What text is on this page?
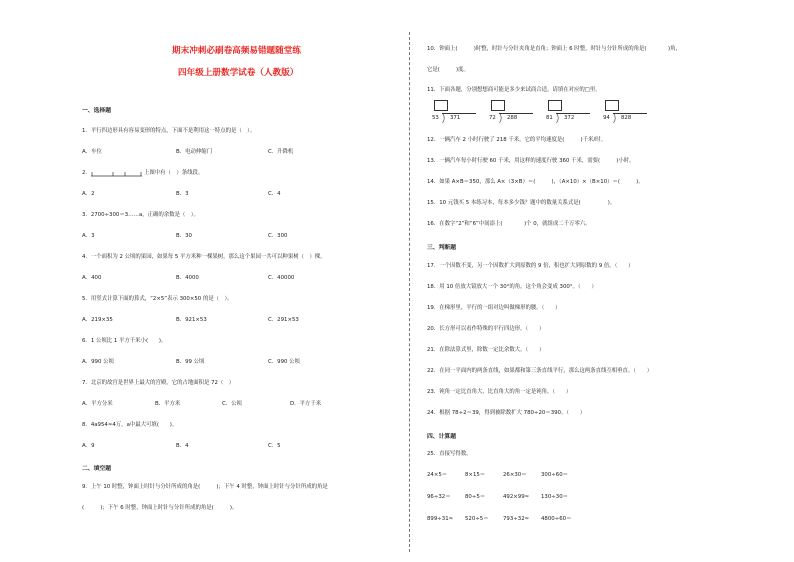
期末冲刺必刷卷高频易错题随堂练
四年级上册数学试卷（人教版）
一、选择题
1．平行四边形具有容易变形的特点，下面不是利用这一特点的是（　）。
A．车位	B．电动伸缩门	C．升降机
2．	上图中有（　）条线段。
A．2	B．3	C．4
3．2700÷300＝3……a，正确的余数是（　）。
A．3	B．30	C．300
4．一个面积为 2 公顷的果园，如果每 5 平方米种一棵果树，那么这个果园一共可以种果树（　）棵。
A．400	B．4000	C．40000
5．用竖式计算下面的算式，“2×5”表示 300×50 的是（　）。
A．219×35	B．921×53	C．291×53
6．1 公顷比 1 平方千米小(　　)。
A．990 公顷	B．99 公顷	C．990 公顷
7．北京的故宫是世界上最大的宫殿，它的占地面积是 72（　）
A．平方分米	B．平方米	C．公顷	D．平方千米
8．4a954≈4万，a中最大可填(　　)。
A．9	B．4	C．5
二、填空题
9．上午 10 时整，钟面上时针与分针所成的角是(　　　)；下午 4 时整，钟面上时针与分针所成的角是
(　　　)；下午 6 时整，钟面上时针与分针所成的角是(　　　)。
10．钟面上(　　　)时整，时针与分针夹角是直角；钟面上 6 时整，时针与分针所成的角是(　　　　)角，
它是(　　　)度。
11．下面各题，分别想想商可能是多少来试商合适，请填在对应的□里。
53 371	72 288	81 372	94 828
12．一辆汽车 2 小时行驶了 218 千米，它的平均速度是(　　　)千米/时。
13．一辆汽车每小时行驶 60 千米，用这样的速度行驶 360 千米，需要(　　　)小时。
14．如果 A×B＝350，那么 A×（3×B）＝(　　　)，（A×10）×（B×10）＝(　　　)。
15．10 元钱买 5 本练习本，每本多少钱？题中的数量关系式是(　　　　　)。
16．在数字“2”和“6”中间添上(　　　　)个 0，就组成二千万零六。
三、判断题
17．一个因数不变，另一个因数扩大到原数的 9 倍，积也扩大到原数的 9 倍。（　　）
18．用 10 倍放大镜放大一个 30°的角，这个角会变成 300°。（　　）
19．在梯形里，平行的一组对边叫做梯形的腰。（　　）
20．长方形可以看作特殊的平行四边形。（　　）
21．在除法算式里，除数一定比余数大。（　　）
22．在同一平面内的两条直线，如果都和第三条直线平行，那么这两条直线互相垂直。（　　）
23．钝角一定比直角大，比直角大的角一定是钝角。（　　）
24．根据 78÷2＝39，得到被除数扩大 780÷20＝390。（　　）
四、计算题
25．直接写得数。
24×5＝	8×15＝	26×30＝	300÷60＝
96÷32＝	80÷5＝	492×99≈ 130÷30＝
899÷31≈ 520÷5＝	793÷32≈ 4800÷60＝
